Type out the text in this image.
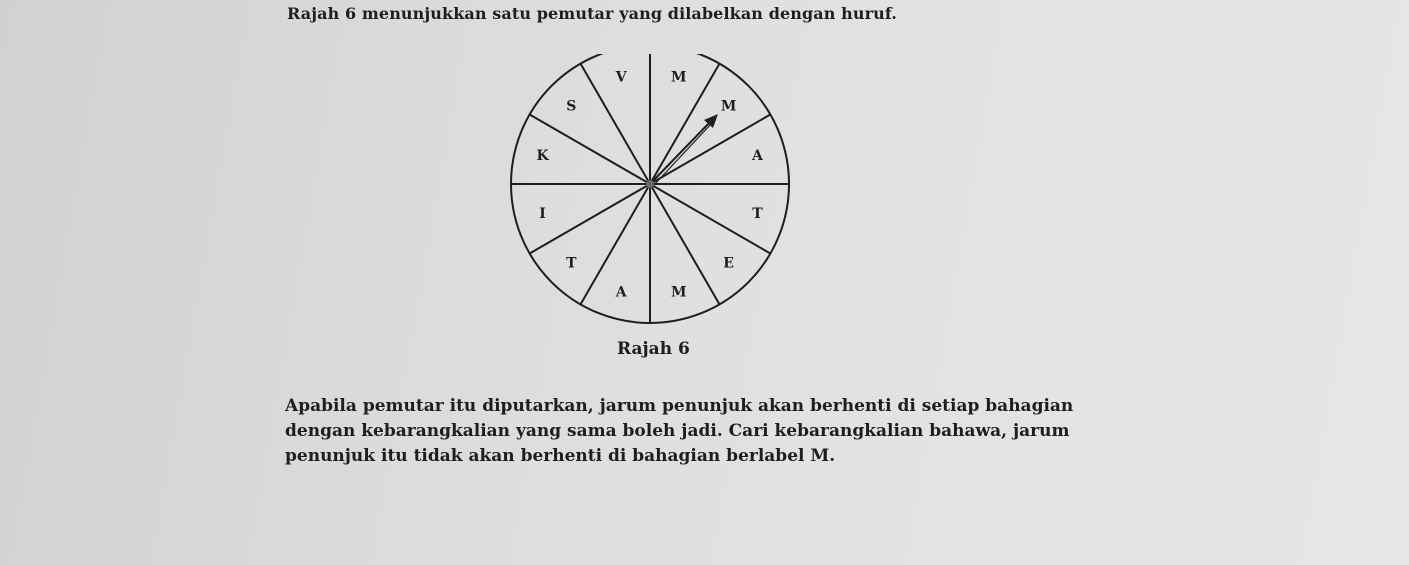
Rajah 6 menunjukkan satu pemutar yang dilabelkan dengan huruf.
V	M
M
A
T
E
M
A
T
I
K
S
Rajah 6
Apabila pemutar itu diputarkan, jarum penunjuk akan berhenti di setiap bahagian
dengan kebarangkalian yang sama boleh jadi. Cari kebarangkalian bahawa, jarum
penunjuk itu tidak akan berhenti di bahagian berlabel M.
